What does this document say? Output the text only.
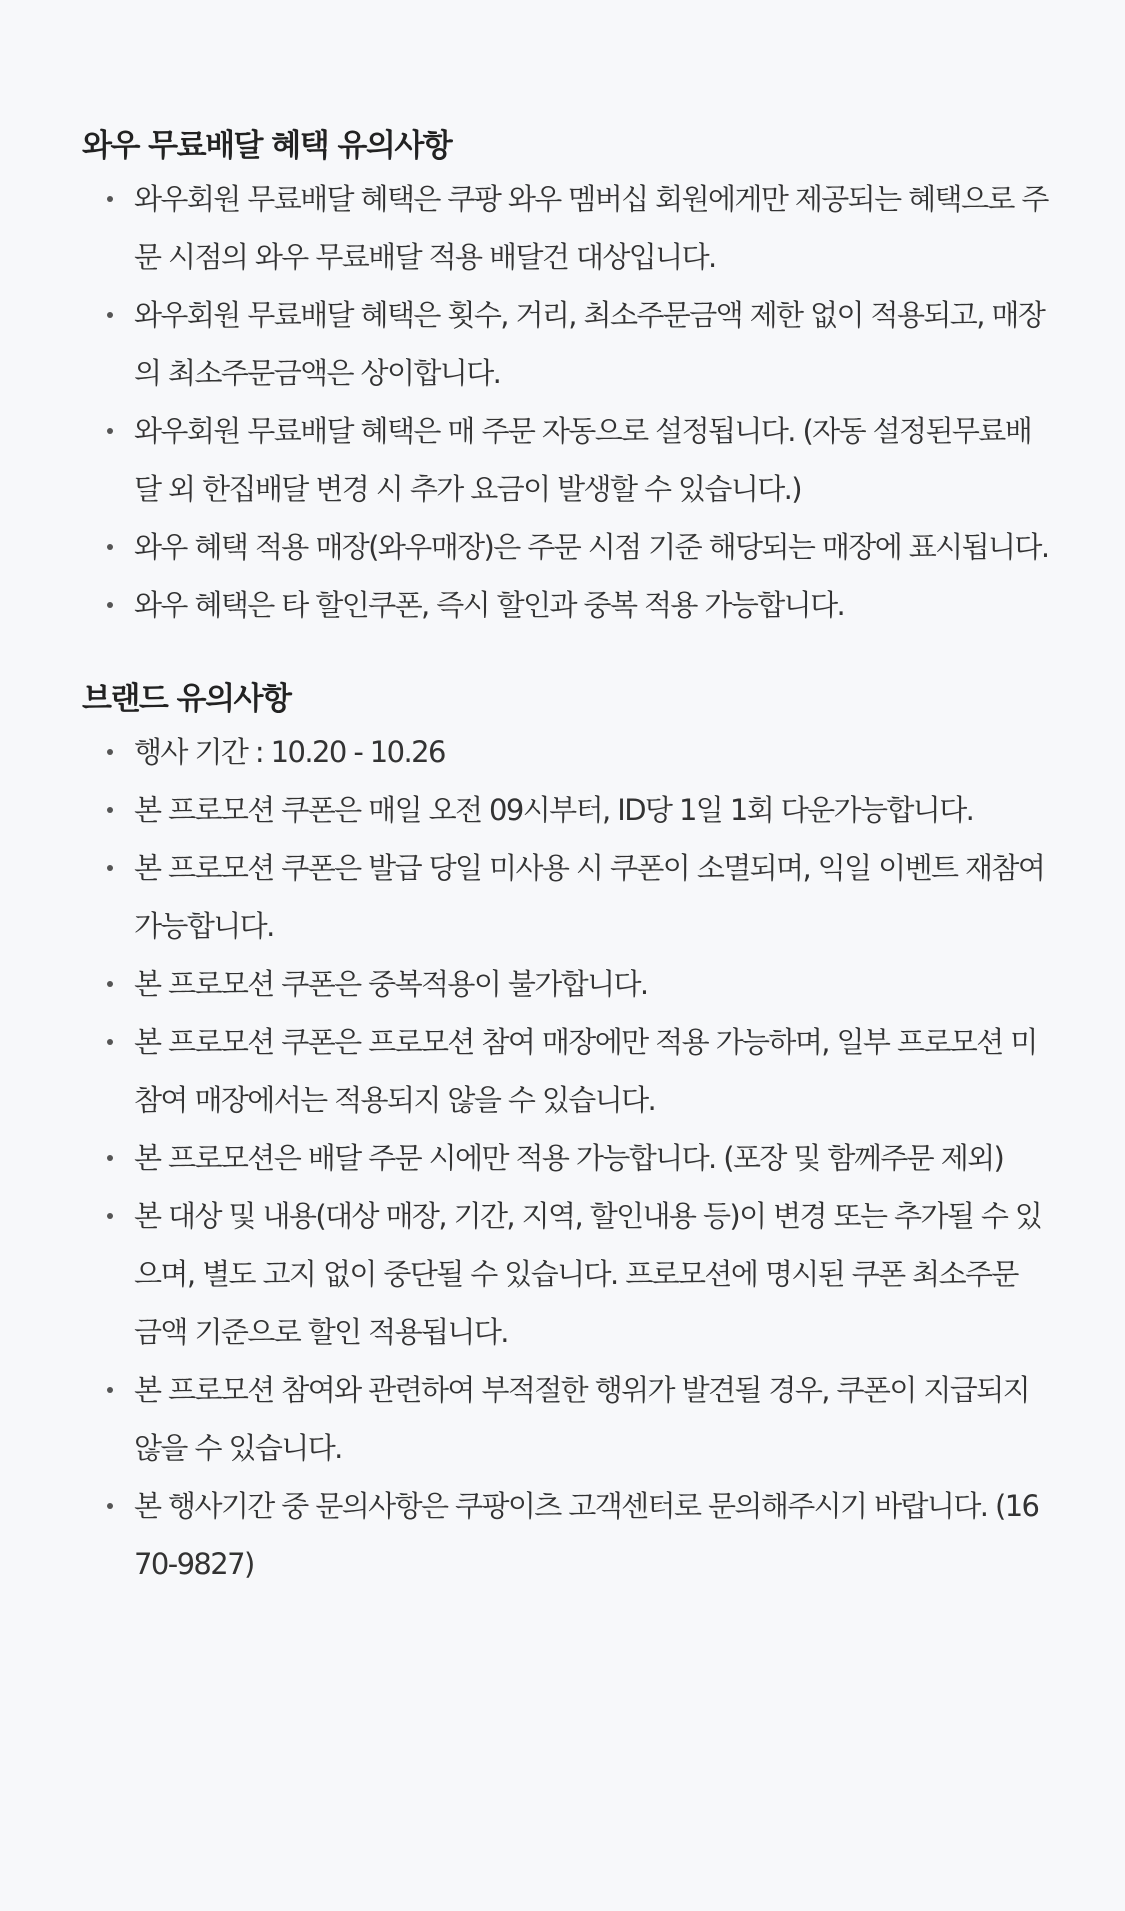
와우 무료배달 혜택 유의사항
와우회원 무료배달 혜택은 쿠팡 와우 멤버십 회원에게만 제공되는 혜택으로 주문 시점의 와우 무료배달 적용 배달건 대상입니다.
와우회원 무료배달 혜택은 횟수, 거리, 최소주문금액 제한 없이 적용되고, 매장의 최소주문금액은 상이합니다.
와우회원 무료배달 혜택은 매 주문 자동으로 설정됩니다. (자동 설정된무료배달 외 한집배달 변경 시 추가 요금이 발생할 수 있습니다.)
와우 혜택 적용 매장(와우매장)은 주문 시점 기준 해당되는 매장에 표시됩니다.
와우 혜택은 타 할인쿠폰, 즉시 할인과 중복 적용 가능합니다.
브랜드 유의사항
행사 기간 : 10.20 - 10.26
본 프로모션 쿠폰은 매일 오전 09시부터, ID당 1일 1회 다운가능합니다.
본 프로모션 쿠폰은 발급 당일 미사용 시 쿠폰이 소멸되며, 익일 이벤트 재참여 가능합니다.
본 프로모션 쿠폰은 중복적용이 불가합니다.
본 프로모션 쿠폰은 프로모션 참여 매장에만 적용 가능하며, 일부 프로모션 미참여 매장에서는 적용되지 않을 수 있습니다.
본 프로모션은 배달 주문 시에만 적용 가능합니다. (포장 및 함께주문 제외)
본 대상 및 내용(대상 매장, 기간, 지역, 할인내용 등)이 변경 또는 추가될 수 있으며, 별도 고지 없이 중단될 수 있습니다. 프로모션에 명시된 쿠폰 최소주문 금액 기준으로 할인 적용됩니다.
본 프로모션 참여와 관련하여 부적절한 행위가 발견될 경우, 쿠폰이 지급되지 않을 수 있습니다.
본 행사기간 중 문의사항은 쿠팡이츠 고객센터로 문의해주시기 바랍니다. (1670-9827)
